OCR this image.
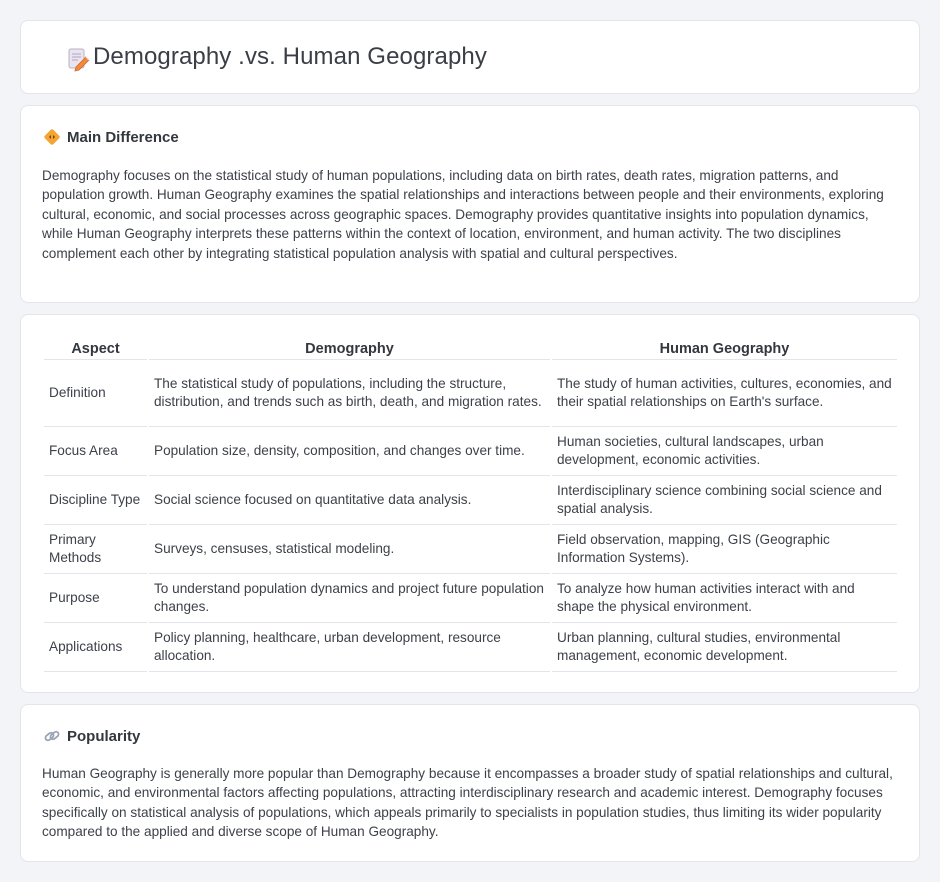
Demography .vs. Human Geography
Main Difference

Demography focuses on the statistical study of human populations, including data on birth rates, death rates, migration patterns, and population growth. Human Geography examines the spatial relationships and interactions between people and their environments, exploring cultural, economic, and social processes across geographic spaces. Demography provides quantitative insights into population dynamics, while Human Geography interprets these patterns within the context of location, environment, and human activity. The two disciplines complement each other by integrating statistical population analysis with spatial and cultural perspectives.

Aspect	Demography	Human Geography
Definition	The statistical study of populations, including the structure, distribution, and trends such as birth, death, and migration rates.	The study of human activities, cultures, economies, and their spatial relationships on Earth's surface.
Focus Area	Population size, density, composition, and changes over time.	Human societies, cultural landscapes, urban development, economic activities.
Discipline Type	Social science focused on quantitative data analysis.	Interdisciplinary science combining social science and spatial analysis.
Primary Methods	Surveys, censuses, statistical modeling.	Field observation, mapping, GIS (Geographic Information Systems).
Purpose	To understand population dynamics and project future population changes.	To analyze how human activities interact with and shape the physical environment.
Applications	Policy planning, healthcare, urban development, resource allocation.	Urban planning, cultural studies, environmental management, economic development.
Popularity

Human Geography is generally more popular than Demography because it encompasses a broader study of spatial relationships and cultural, economic, and environmental factors affecting populations, attracting interdisciplinary research and academic interest. Demography focuses specifically on statistical analysis of populations, which appeals primarily to specialists in population studies, thus limiting its wider popularity compared to the applied and diverse scope of Human Geography.
